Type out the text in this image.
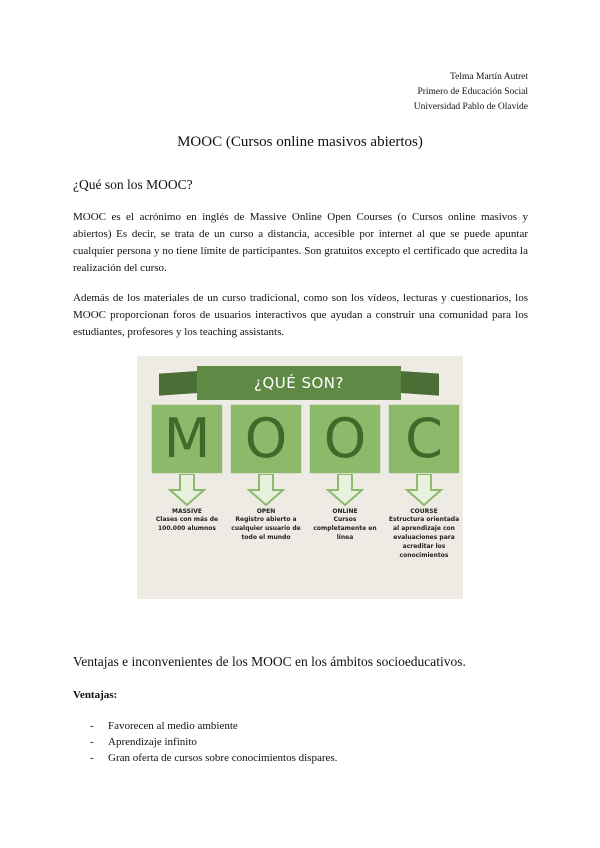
Telma Martín Autret
Primero de Educación Social
Universidad Pablo de Olavide
MOOC (Cursos online masivos abiertos)
¿Qué son los MOOC?

MOOC es el acrónimo en inglés de Massive Online Open Courses (o Cursos online masivos y abiertos) Es decir, se trata de un curso a distancia, accesible por internet al que se puede apuntar cualquier persona y no tiene límite de participantes. Son gratuitos excepto el certificado que acredita la realización del curso.

Además de los materiales de un curso tradicional, como son los vídeos, lecturas y cuestionarios, los MOOC proporcionan foros de usuarios interactivos que ayudan a construir una comunidad para los estudiantes, profesores y los teaching assistants.

¿QUÉ SON?
M
MASSIVE
Clases con más de 100.000 alumnos
O
OPEN
Registro abierto a cualquier usuario de todo el mundo
O
ONLINE
Cursos completamente en línea
C
COURSE
Estructura orientada al aprendizaje con evaluaciones para acreditar los conocimientos
Ventajas e inconvenientes de los MOOC en los ámbitos socioeducativos.
Ventajas:
- Favorecen al medio ambiente
- Aprendizaje infinito
- Gran oferta de cursos sobre conocimientos dispares.
